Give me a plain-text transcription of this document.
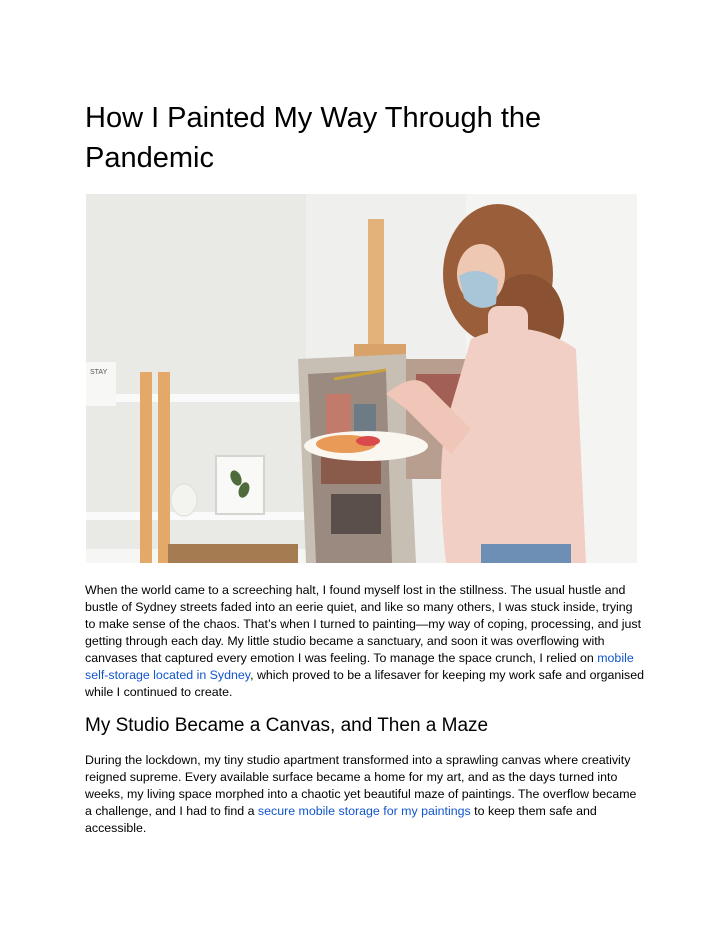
How I Painted My Way Through the Pandemic
STAY

When the world came to a screeching halt, I found myself lost in the stillness. The usual hustle and bustle of Sydney streets faded into an eerie quiet, and like so many others, I was stuck inside, trying to make sense of the chaos. That’s when I turned to painting—my way of coping, processing, and just getting through each day. My little studio became a sanctuary, and soon it was overflowing with canvases that captured every emotion I was feeling. To manage the space crunch, I relied on mobile self-storage located in Sydney, which proved to be a lifesaver for keeping my work safe and organised while I continued to create.

My Studio Became a Canvas, and Then a Maze

During the lockdown, my tiny studio apartment transformed into a sprawling canvas where creativity reigned supreme. Every available surface became a home for my art, and as the days turned into weeks, my living space morphed into a chaotic yet beautiful maze of paintings. The overflow became a challenge, and I had to find a secure mobile storage for my paintings to keep them safe and accessible.
